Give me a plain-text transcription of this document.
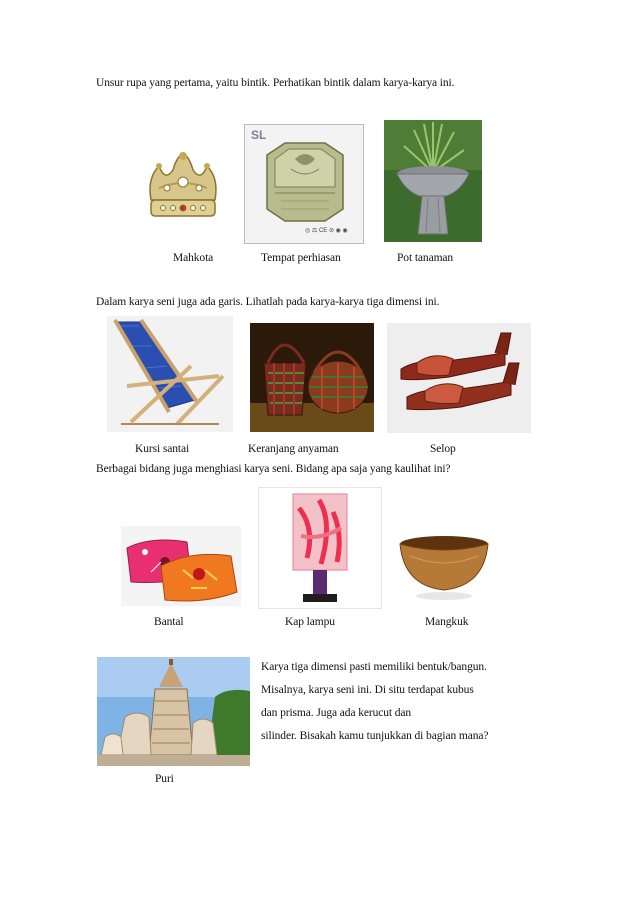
Unsur rupa yang pertama, yaitu bintik. Perhatikan bintik dalam karya-karya ini.
SL
◎ ⚖ CE ⊘ ◉ ◉
Mahkota	Tempat perhiasan	Pot tanaman
Dalam karya seni juga ada garis. Lihatlah pada karya-karya tiga dimensi ini.
Kursi santai	Keranjang anyaman	Selop
Berbagai bidang juga menghiasi karya seni. Bidang apa saja yang kaulihat ini?
Bantal	Kap lampu	Mangkuk
Karya tiga dimensi pasti memiliki bentuk/bangun.
Misalnya, karya seni ini. Di situ terdapat kubus
dan prisma. Juga ada kerucut dan
silinder. Bisakah kamu tunjukkan di bagian mana?
Puri
